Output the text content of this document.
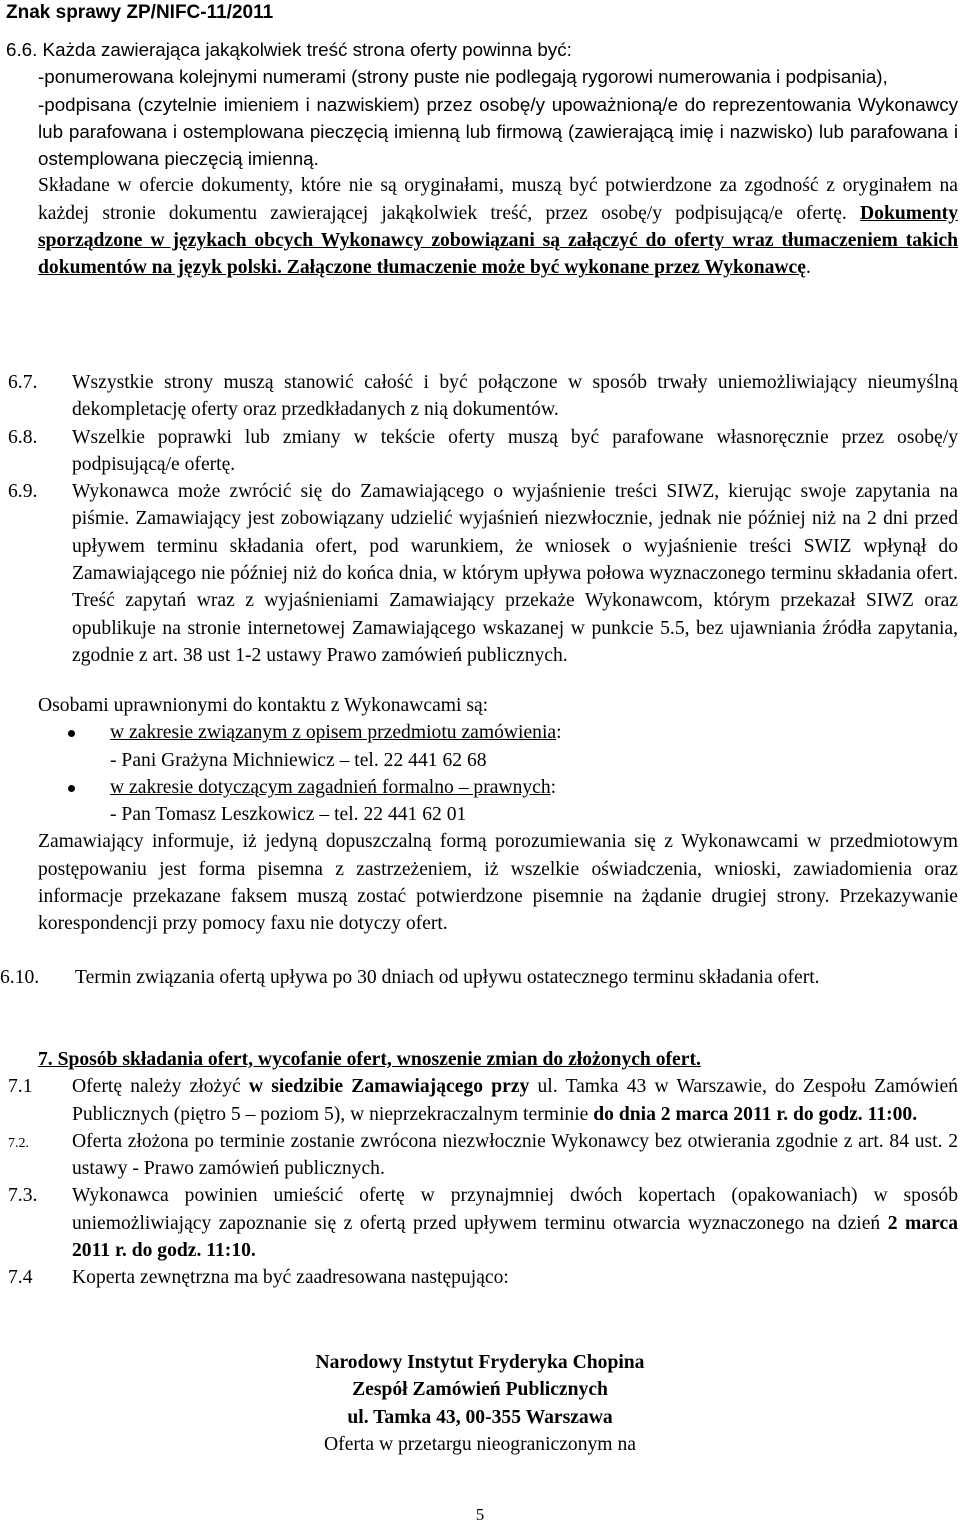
Znak sprawy ZP/NIFC-11/2011

6.6. Każda zawierająca jakąkolwiek treść strona oferty powinna być:

-ponumerowana kolejnymi numerami (strony puste nie podlegają rygorowi numerowania i podpisania),

-podpisana (czytelnie imieniem i nazwiskiem) przez osobę/y upoważnioną/e do reprezentowania Wykonawcy lub parafowana i ostemplowana pieczęcią imienną lub firmową (zawierającą imię i nazwisko) lub parafowana i ostemplowana pieczęcią imienną.

Składane w ofercie dokumenty, które nie są oryginałami, muszą być potwierdzone za zgodność z oryginałem na każdej stronie dokumentu zawierającej jakąkolwiek treść, przez osobę/y podpisującą/e ofertę. Dokumenty sporządzone w językach obcych Wykonawcy zobowiązani są załączyć do oferty wraz tłumaczeniem takich dokumentów na język polski. Załączone tłumaczenie może być wykonane przez Wykonawcę.

6.7. Wszystkie strony muszą stanowić całość i być połączone w sposób trwały uniemożliwiający nieumyślną dekompletację oferty oraz przedkładanych z nią dokumentów.

6.8. Wszelkie poprawki lub zmiany w tekście oferty muszą być parafowane własnoręcznie przez osobę/y podpisującą/e ofertę.

6.9. Wykonawca może zwrócić się do Zamawiającego o wyjaśnienie treści SIWZ, kierując swoje zapytania na piśmie. Zamawiający jest zobowiązany udzielić wyjaśnień niezwłocznie, jednak nie później niż na 2 dni przed upływem terminu składania ofert, pod warunkiem, że wniosek o wyjaśnienie treści SWIZ wpłynął do Zamawiającego nie później niż do końca dnia, w którym upływa połowa wyznaczonego terminu składania ofert. Treść zapytań wraz z wyjaśnieniami Zamawiający przekaże Wykonawcom, którym przekazał SIWZ oraz opublikuje na stronie internetowej Zamawiającego wskazanej w punkcie 5.5, bez ujawniania źródła zapytania, zgodnie z art. 38 ust 1-2 ustawy Prawo zamówień publicznych.

Osobami uprawnionymi do kontaktu z Wykonawcami są:

w zakresie związanym z opisem przedmiotu zamówienia:
- Pani Grażyna Michniewicz – tel. 22 441 62 68
w zakresie dotyczącym zagadnień formalno – prawnych:
- Pan Tomasz Leszkowicz – tel. 22 441 62 01

Zamawiający informuje, iż jedyną dopuszczalną formą porozumiewania się z Wykonawcami w przedmiotowym postępowaniu jest forma pisemna z zastrzeżeniem, iż wszelkie oświadczenia, wnioski, zawiadomienia oraz informacje przekazane faksem muszą zostać potwierdzone pisemnie na żądanie drugiej strony. Przekazywanie korespondencji przy pomocy faxu nie dotyczy ofert.

6.10.	Termin związania ofertą upływa po 30 dniach od upływu ostatecznego terminu składania ofert.

7. Sposób składania ofert, wycofanie ofert, wnoszenie zmian do złożonych ofert.

7.1 Ofertę należy złożyć w siedzibie Zamawiającego przy ul. Tamka 43 w Warszawie, do Zespołu Zamówień Publicznych (piętro 5 – poziom 5), w nieprzekraczalnym terminie do dnia 2 marca 2011 r. do godz. 11:00.

7.2. Oferta złożona po terminie zostanie zwrócona niezwłocznie Wykonawcy bez otwierania zgodnie z art. 84 ust. 2 ustawy - Prawo zamówień publicznych.

7.3. Wykonawca powinien umieścić ofertę w przynajmniej dwóch kopertach (opakowaniach) w sposób uniemożliwiający zapoznanie się z ofertą przed upływem terminu otwarcia wyznaczonego na dzień 2 marca 2011 r. do godz. 11:10.

7.4 Koperta zewnętrzna ma być zaadresowana następująco:

Narodowy Instytut Fryderyka Chopina
Zespół Zamówień Publicznych
ul. Tamka 43, 00-355 Warszawa
Oferta w przetargu nieograniczonym na
5
